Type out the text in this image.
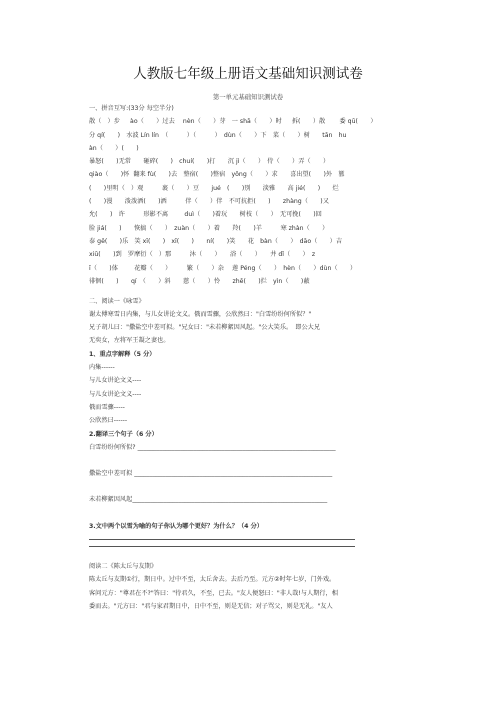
人教版七年级上册语文基础知识测试卷
第一单元基础知识测试卷
一、拼音互写:(33分 每空半分)
散（　）步　  ào（　　）过去　 nèn（　　）芽　一 shā（　　）时　  拆(　　）散　　 委 qū(　　）
分 qí(　　)　水波 Lín lín　（　　　）（　　　）　dùn（　　）下　菜（　　）树　　tān　hu
àn（　　）(　　)
暴怒(　　)无常　　砸碎(　　)　chuí(　　)打　　沉 jì（　　）　侍（　　）弄（　　）
qiào（　　)怀  翻来 fù(　　)去　整宿(　　)整宿　yōng（　　）求　　喜出望(　　)外　篡
(　　)里明（　）观　　　裹（　　）豆　　jué　(　　)别　　淡雅　　高 jié(　　)　　烂
(　　)漫　　泼泼洒(　　)洒　　　伴（　　）伴　不可抗拒(　　)　　zhàng（　　)又
允(　　)　许　　　形影不离　　  duì（　　)着玩　　树枝（　　）　无可挽(　　)回
脸 jiá(　　)　　恢搞（　　）　zuàn（　　）着　　羚(　　)羊　　　寒 zhàn（　　）
泰 gě(　　)乐　笑 xī(　　)　xī(　　)　　ní(　　)笑　　花　bàn（　　）　dāo（　　）吉
xiū(　　)到　罗摩衍（　）那　　　沐（　　）　　浴（　　）　　井 dǐ（　　）　z
ī（　　)体　　  花瓣（　　）　　　繁（　　）杂　 莲 Péng（　　）　hèn（　　）dùn（　　）
徘徊(　　)　　qí　（　　）斜　　慈（　　）怜　　zhē(　　)拦　yìn（　　)蔽
二、阅读一《咏雪》
谢太傅寒雪日内集，与儿女讲论文义。俄而雪骤，公欣然曰："白雪纷纷何所似？"
兄子胡儿曰："撒盐空中差可拟。"兄女曰："未若柳絮因风起。"公大笑乐。　即公大兄
无奕女，左将军王凝之妻也。
1、重点字解释（5 分）
内集------
与儿女讲论文义----
与儿女讲论文义----
俄而雪骤-----
公欣然曰------
2.翻译三个句子（6 分）
白雪纷纷何所似? ________________________________________________________________
撒盐空中差可拟 ________________________________________________________________
未若柳絮因风起_______________________________________________________________
3.文中两个以雪为喻的句子你认为哪个更好？为什么？（4 分）
阅读二《陈太丘与友期》
陈太丘与友期①行，期日中。过中不至，太丘舍去。去后乃至。元方②时年七岁，门外戏。
客问元方："尊君在不?"答曰："待君久，不至，已去。"友人便怒曰："非人哉!与人期行，相
委而去。"元方曰："君与家君期日中，日中不至，则是无信；对子骂父，则是无礼。"友人
